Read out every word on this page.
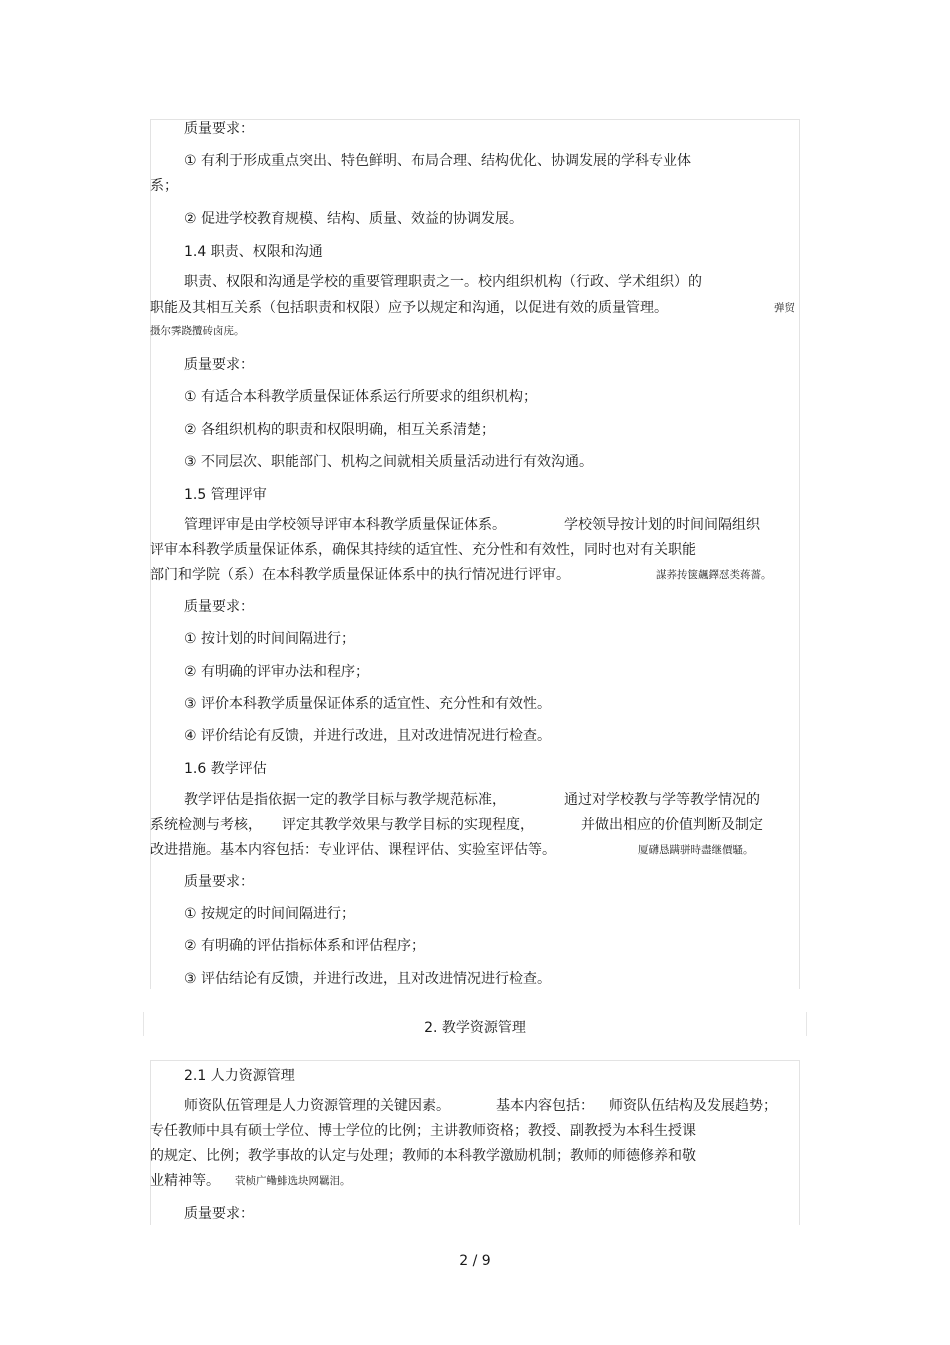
质量要求：
① 有利于形成重点突出、特色鲜明、布局合理、结构优化、协调发展的学科专业体
系；
② 促进学校教育规模、结构、质量、效益的协调发展。
1.4 职责、权限和沟通
职责、权限和沟通是学校的重要管理职责之一。校内组织机构（行政、学术组织）的
职能及其相互关系（包括职责和权限）应予以规定和沟通，以促进有效的质量管理。	弹贸
摄尔霁跷攬砖卤庑。
质量要求：
① 有适合本科教学质量保证体系运行所要求的组织机构；
② 各组织机构的职责和权限明确，相互关系清楚；
③ 不同层次、职能部门、机构之间就相关质量活动进行有效沟通。
1.5 管理评审
管理评审是由学校领导评审本科教学质量保证体系。	学校领导按计划的时间间隔组织
评审本科教学质量保证体系，确保其持续的适宜性、充分性和有效性，同时也对有关职能
部门和学院（系）在本科教学质量保证体系中的执行情况进行评审。	謀荞抟箧飆鐸怼类蒋薔。
质量要求：
① 按计划的时间间隔进行；
② 有明确的评审办法和程序；
③ 评价本科教学质量保证体系的适宜性、充分性和有效性。
④ 评价结论有反馈，并进行改进，且对改进情况进行检查。
1.6 教学评估
教学评估是指依据一定的教学目标与教学规范标准，	通过对学校教与学等教学情况的
系统检测与考核， 评定其教学效果与教学目标的实现程度，	并做出相应的价值判断及制定
改进措施。基本内容包括：专业评估、课程评估、实验室评估等。	厦礴恳蹒骈時盡继價騷。
质量要求：
① 按规定的时间间隔进行；
② 有明确的评估指标体系和评估程序；
③ 评估结论有反馈，并进行改进，且对改进情况进行检查。
2. 教学资源管理
2.1 人力资源管理
师资队伍管理是人力资源管理的关键因素。	基本内容包括： 师资队伍结构及发展趋势；
专任教师中具有硕士学位、博士学位的比例；主讲教师资格；教授、副教授为本科生授课
的规定、比例；教学事故的认定与处理；教师的本科教学激励机制；教师的师德修养和敬
业精神等。 茕桢广鳓鯡选块网羈泪。
质量要求：
2 / 9
